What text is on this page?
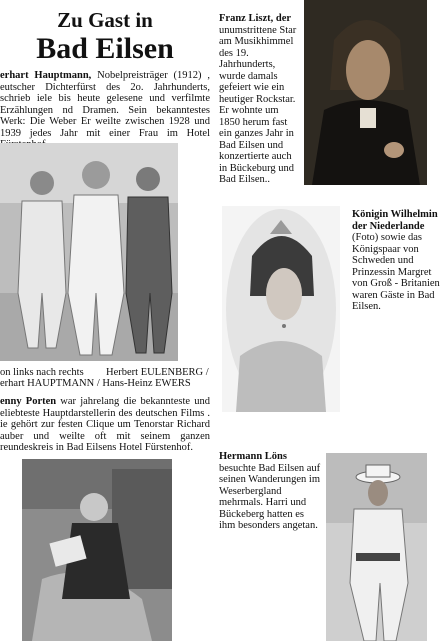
Zu Gast in
Bad Eilsen
erhart Hauptmann, Nobelpreisträger (1912) , eutscher Dichterfürst des 2o. Jahrhunderts, schrieb iele bis heute gelesene und verfilmte Erzählungen nd Dramen. Sein bekanntestes Werk: Die Weber Er weilte zwischen 1928 und 1939 jedes Jahr mit einer Frau im Hotel
on links nach rechts Herbert EULENBERG /
erhart HAUPTMANN / Hans-Heinz EWERS
enny Porten war jahrelang die bekannteste und eliebteste Hauptdarstellerin des deutschen Films . ie gehört zur festen Clique um Tenorstar Richard auber und weilte oft mit seinem ganzen reundeskreis in Bad Eilsens Hotel Fürstenhof.
Franz Liszt, der
unumstrittene Star
am Musikhimmel
des 19.
Jahrhunderts,
wurde damals
gefeiert wie ein
heutiger Rockstar.
Er wohnte um
1850 herum fast
ein ganzes Jahr in
Bad Eilsen und
konzertierte auch
in Bückeburg und
Bad Eilsen..
Königin Wilhelmin
der Niederlande
(Foto) sowie das
Königspaar von
Schweden und
Prinzessin Margret
von Groß - Britanien
waren Gäste in Bad
Eilsen.
Hermann Löns
besuchte Bad Eilsen auf
seinen Wanderungen im
Weserbergland
mehrmals. Harri und
Bückeberg hatten es
ihm besonders angetan.
